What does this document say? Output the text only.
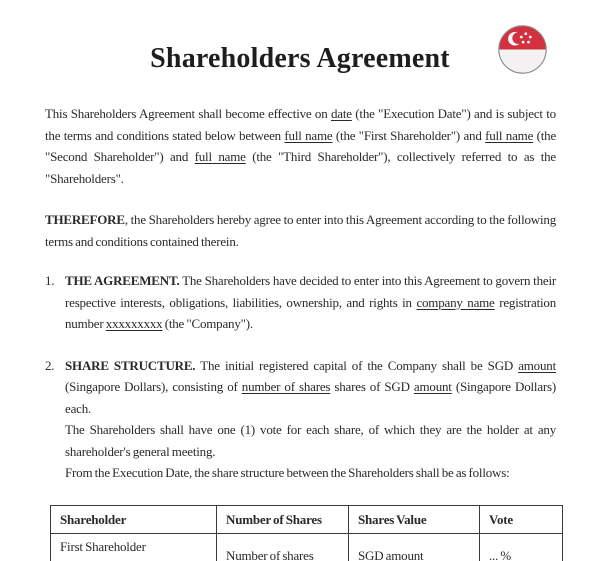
Shareholders Agreement

This Shareholders Agreement shall become effective on date (the "Execution Date") and is subject to the terms and conditions stated below between full name (the "First Shareholder") and full name (the "Second Shareholder") and full name (the "Third Shareholder"), collectively referred to as the "Shareholders".

THEREFORE, the Shareholders hereby agree to enter into this Agreement according to the following terms and conditions contained therein.

1. THE AGREEMENT. The Shareholders have decided to enter into this Agreement to govern their respective interests, obligations, liabilities, ownership, and rights in company name registration number xxxxxxxxx (the "Company").

2. SHARE STRUCTURE. The initial registered capital of the Company shall be SGD amount (Singapore Dollars), consisting of number of shares shares of SGD amount (Singapore Dollars) each.

The Shareholders shall have one (1) vote for each share, of which they are the holder at any shareholder's general meeting.

From the Execution Date, the share structure between the Shareholders shall be as follows:

Shareholder	Number of Shares	Shares Value	Vote
First Shareholder	Number of shares	SGD amount	... %
